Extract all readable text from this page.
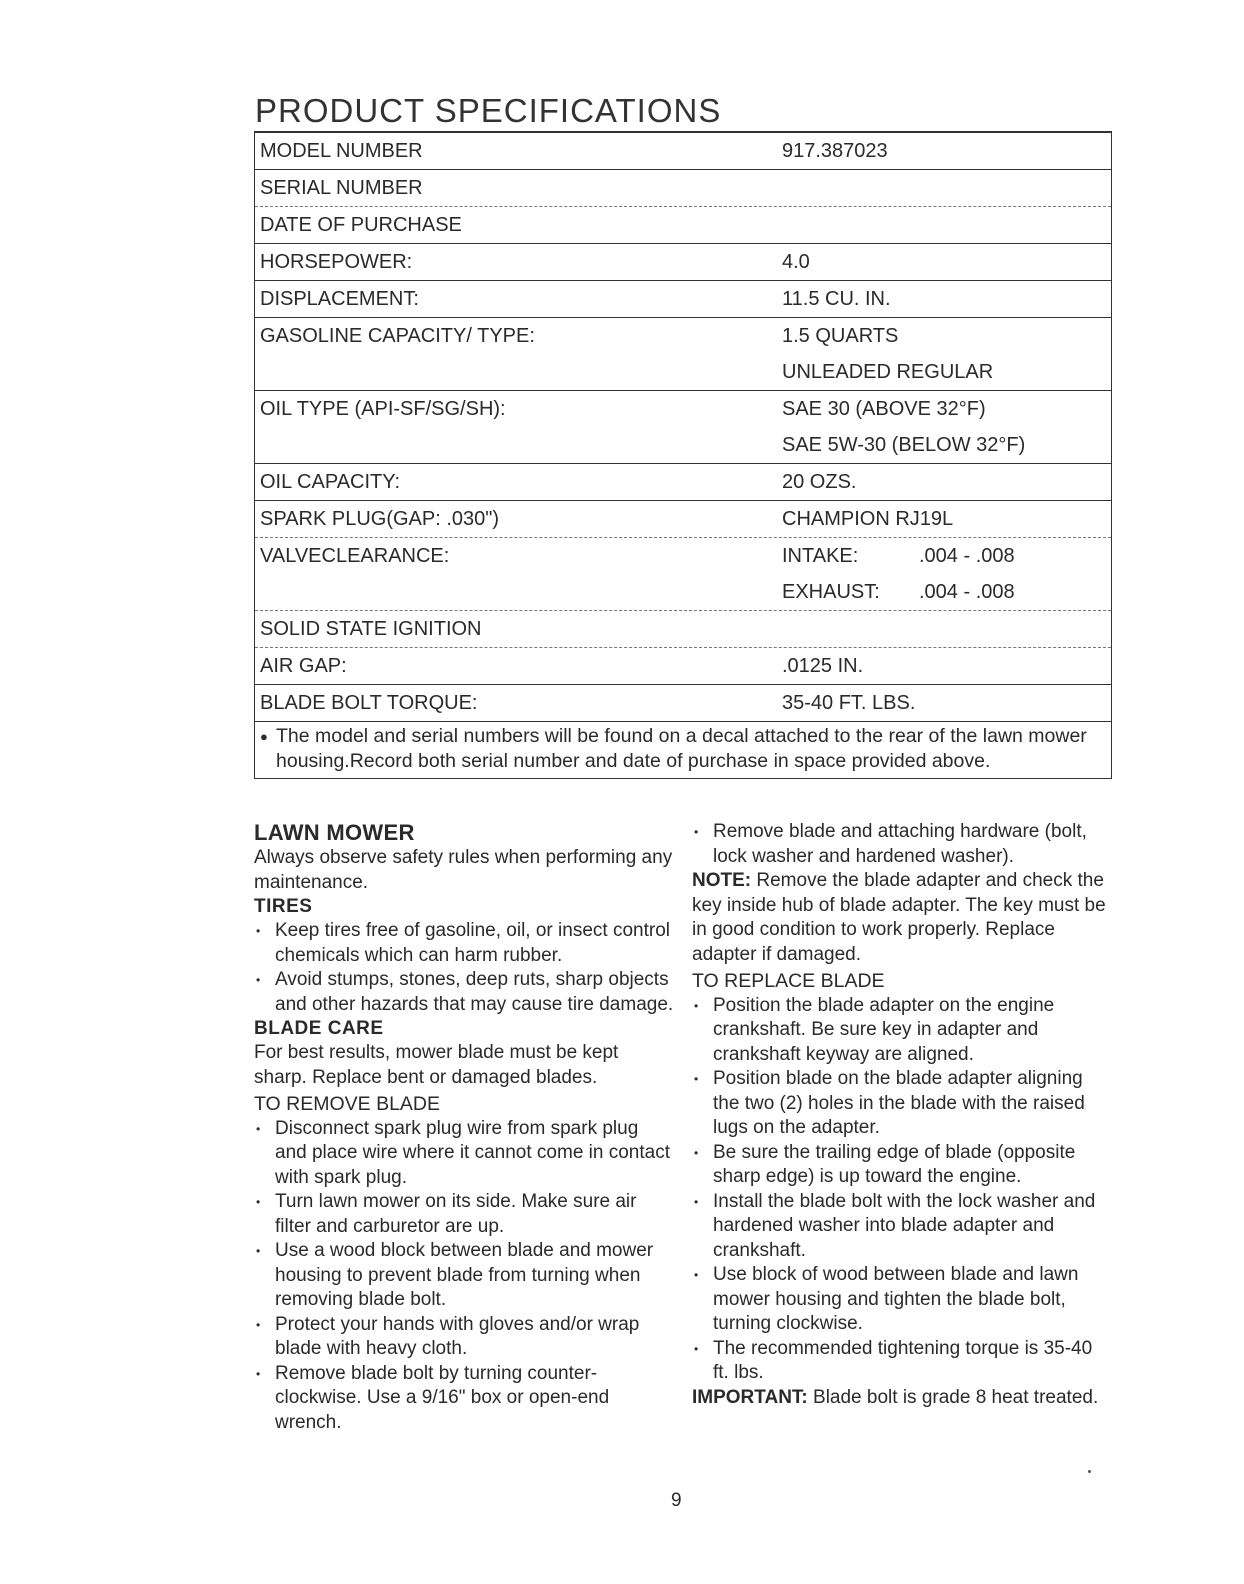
PRODUCT SPECIFICATIONS
MODEL NUMBER	917.387023
SERIAL NUMBER
DATE OF PURCHASE
HORSEPOWER:	4.0
DISPLACEMENT:	11.5 CU. IN.
GASOLINE CAPACITY/ TYPE:	1.5 QUARTS
UNLEADED REGULAR
OIL TYPE (API-SF/SG/SH):	SAE 30 (ABOVE 32°F)
SAE 5W-30 (BELOW 32°F)
OIL CAPACITY:	20 OZS.
SPARK PLUG(GAP: .030")	CHAMPION RJ19L
VALVECLEARANCE:	INTAKE:	.004 - .008
EXHAUST: .004 - .008
SOLID STATE IGNITION
AIR GAP:	.0125 IN.
BLADE BOLT TORQUE:	35-40 FT. LBS.
● The model and serial numbers will be found on a decal attached to the rear of the lawn mower housing.Record both serial number and date of purchase in space provided above.
LAWN MOWER

Always observe safety rules when performing any maintenance.

TIRES
• Keep tires free of gasoline, oil, or insect control chemicals which can harm rubber.
• Avoid stumps, stones, deep ruts, sharp objects and other hazards that may cause tire damage.
BLADE CARE

For best results, mower blade must be kept sharp. Replace bent or damaged blades.

TO REMOVE BLADE
• Disconnect spark plug wire from spark plug and place wire where it cannot come in contact with spark plug.
• Turn lawn mower on its side. Make sure air filter and carburetor are up.
• Use a wood block between blade and mower housing to prevent blade from turning when removing blade bolt.
• Protect your hands with gloves and/or wrap blade with heavy cloth.
• Remove blade bolt by turning counter-clockwise. Use a 9/16" box or open-end wrench.
• Remove blade and attaching hardware (bolt, lock washer and hardened washer).

NOTE: Remove the blade adapter and check the key inside hub of blade adapter. The key must be in good condition to work properly. Replace adapter if damaged.

TO REPLACE BLADE
• Position the blade adapter on the engine crankshaft. Be sure key in adapter and crankshaft keyway are aligned.
• Position blade on the blade adapter aligning the two (2) holes in the blade with the raised lugs on the adapter.
• Be sure the trailing edge of blade (opposite sharp edge) is up toward the engine.
• Install the blade bolt with the lock washer and hardened washer into blade adapter and crankshaft.
• Use block of wood between blade and lawn mower housing and tighten the blade bolt, turning clockwise.
• The recommended tightening torque is 35-40 ft. lbs.

IMPORTANT: Blade bolt is grade 8 heat treated.

9
